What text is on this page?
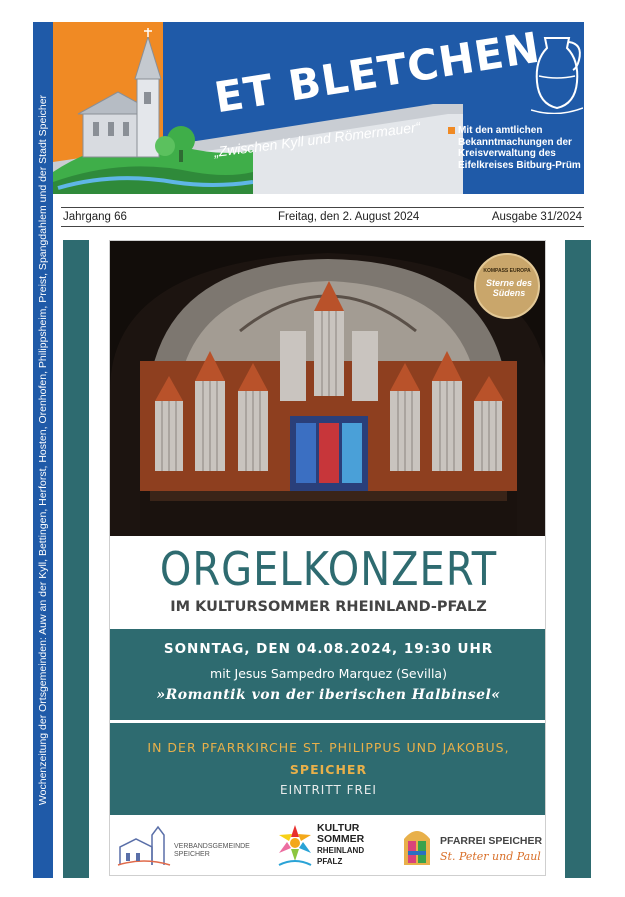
Wochenzeitung der Ortsgemeinden: Auw an der Kyll, Bettingen, Herforst, Hosten, Orenhofen, Philippsheim, Preist, Spangdahlem und der Stadt Speicher
ET BLETCHEN
„Zwischen Kyll und Römermauer“	Mit den amtlichen Bekanntmachungen der Kreisverwaltung des Eifelkreises Bitburg-Prüm
Jahrgang 66	Freitag, den 2. August 2024	Ausgabe 31/2024
KOMPASS EUROPA
Sterne des Südens
ORGELKONZERT
IM KULTURSOMMER RHEINLAND-PFALZ
SONNTAG, DEN 04.08.2024, 19:30 UHR
mit Jesus Sampedro Marquez (Sevilla)
»Romantik von der iberischen Halbinsel«
IN DER PFARRKIRCHE ST. PHILIPPUS UND JAKOBUS,
SPEICHER
EINTRITT FREI
VERBANDSGEMEINDE
SPEICHER
KULTUR
SOMMER
RHEINLAND
PFALZ
PFARREI SPEICHER
St. Peter und Paul
